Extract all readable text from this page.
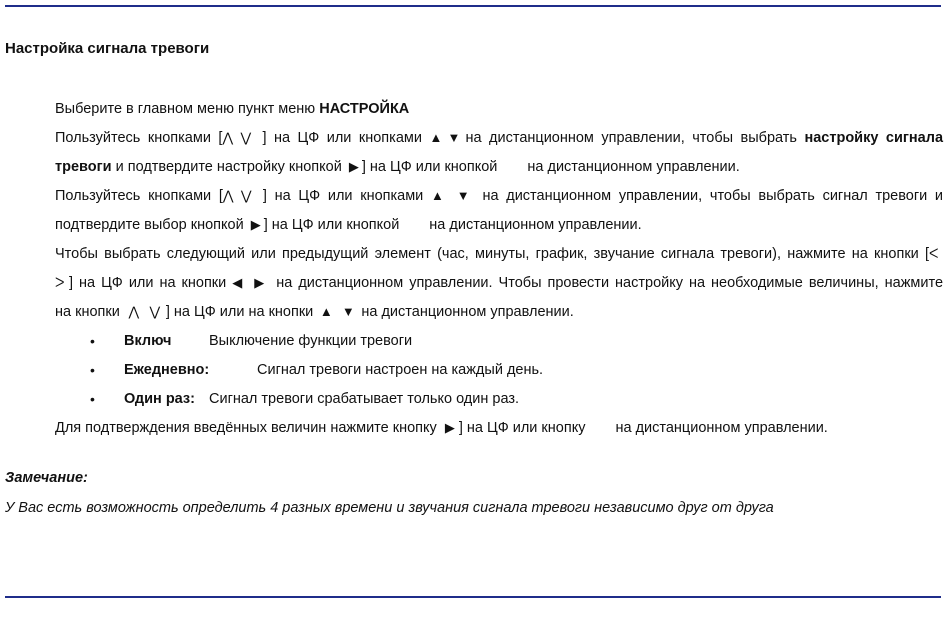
Настройка сигнала тревоги
Выберите в главном меню пункт меню НАСТРОЙКА
Пользуйтесь кнопками [⋀ ⋁ ] на ЦФ или кнопками ▲ ▼ на дистанционном управлении, чтобы выбрать настройку сигнала
тревоги и подтвердите настройку кнопкой ▶ ] на ЦФ или кнопкой на дистанционном управлении.
Пользуйтесь кнопками [⋀ ⋁ ] на ЦФ или кнопками ▲ ▼ на дистанционном управлении, чтобы выбрать сигнал тревоги и
подтвердите выбор кнопкой ▶ ] на ЦФ или кнопкой на дистанционном управлении.
Чтобы выбрать следующий или предыдущий элемент (час, минуты, график, звучание сигнала тревоги), нажмите на кнопки [ᐸ
ᐳ ] на ЦФ или на кнопки ◀ ▶ на дистанционном управлении. Чтобы провести настройку на необходимые величины, нажмите
на кнопки ⋀ ⋁ ] на ЦФ или на кнопки ▲ ▼ на дистанционном управлении.
• Включ	Выключение функции тревоги
• Ежедневно:	Сигнал тревоги настроен на каждый день.
• Один раз: Сигнал тревоги срабатывает только один раз.
Для подтверждения введённых величин нажмите кнопку ▶ ] на ЦФ или кнопку на дистанционном управлении.
Замечание:
У Вас есть возможность определить 4 разных времени и звучания сигнала тревоги независимо друг от друга
